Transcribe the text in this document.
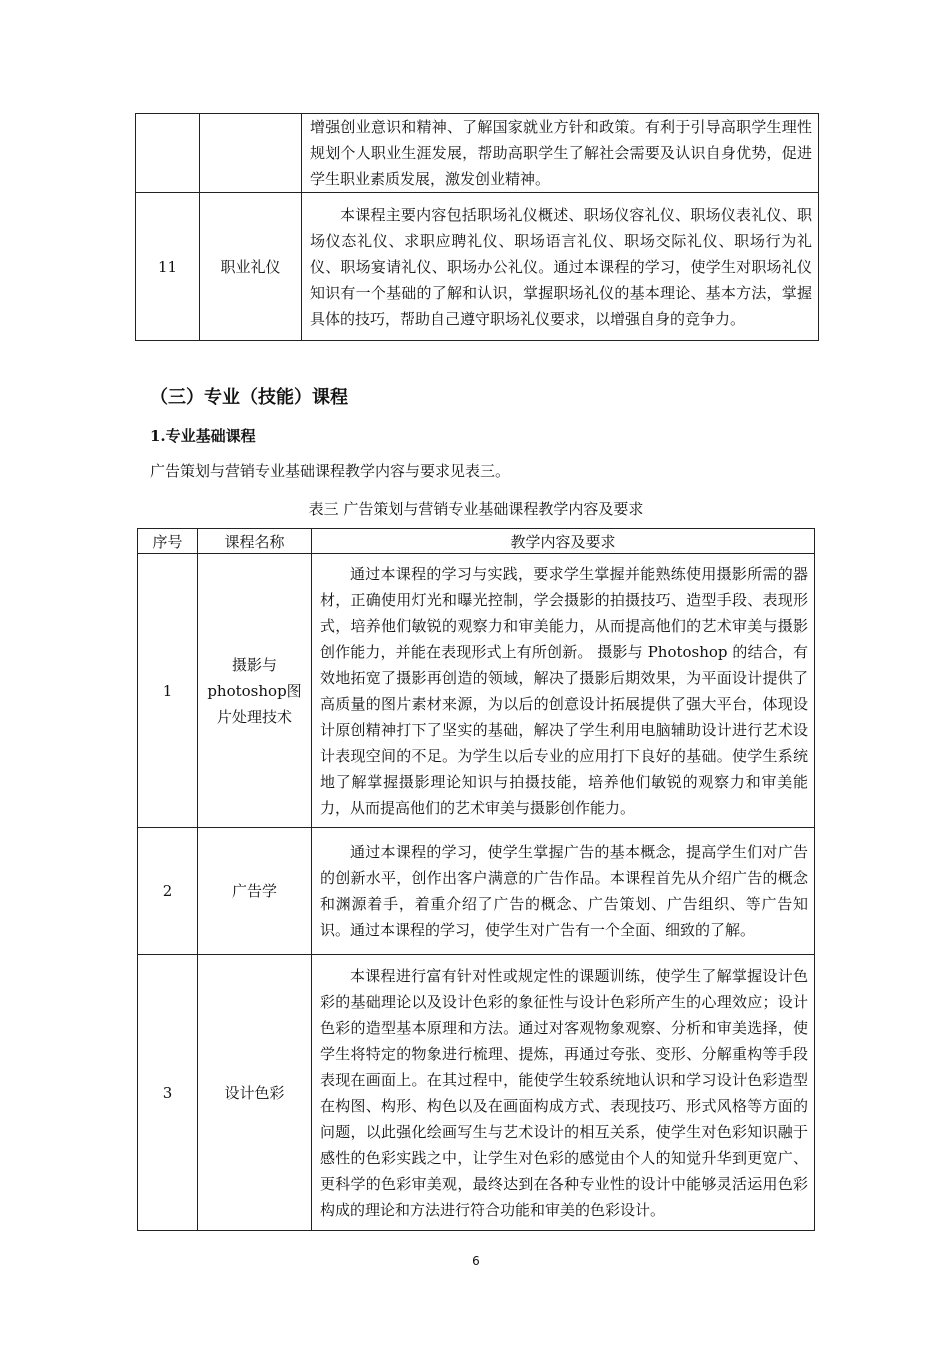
		增强创业意识和精神、了解国家就业方针和政策。有利于引导高职学生理性规划个人职业生涯发展，帮助高职学生了解社会需要及认识自身优势，促进学生职业素质发展，激发创业精神。

11	职业礼仪	本课程主要内容包括职场礼仪概述、职场仪容礼仪、职场仪表礼仪、职场仪态礼仪、求职应聘礼仪、职场语言礼仪、职场交际礼仪、职场行为礼仪、职场宴请礼仪、职场办公礼仪。通过本课程的学习，使学生对职场礼仪知识有一个基础的了解和认识，掌握职场礼仪的基本理论、基本方法，掌握具体的技巧，帮助自己遵守职场礼仪要求，以增强自身的竞争力。

（三）专业（技能）课程
1.专业基础课程

广告策划与营销专业基础课程教学内容与要求见表三。

表三 广告策划与营销专业基础课程教学内容及要求

序号	课程名称	教学内容及要求
1	摄影与photoshop图片处理技术	通过本课程的学习与实践，要求学生掌握并能熟练使用摄影所需的器材，正确使用灯光和曝光控制，学会摄影的拍摄技巧、造型手段、表现形式，培养他们敏锐的观察力和审美能力，从而提高他们的艺术审美与摄影创作能力，并能在表现形式上有所创新。 摄影与 Photoshop 的结合，有效地拓宽了摄影再创造的领域，解决了摄影后期效果，为平面设计提供了高质量的图片素材来源，为以后的创意设计拓展提供了强大平台，体现设计原创精神打下了坚实的基础，解决了学生利用电脑辅助设计进行艺术设计表现空间的不足。为学生以后专业的应用打下良好的基础。使学生系统地了解掌握摄影理论知识与拍摄技能，培养他们敏锐的观察力和审美能力，从而提高他们的艺术审美与摄影创作能力。

2	广告学	通过本课程的学习，使学生掌握广告的基本概念，提高学生们对广告的创新水平，创作出客户满意的广告作品。本课程首先从介绍广告的概念和渊源着手，着重介绍了广告的概念、广告策划、广告组织、等广告知识。通过本课程的学习，使学生对广告有一个全面、细致的了解。

3	设计色彩	本课程进行富有针对性或规定性的课题训练，使学生了解掌握设计色彩的基础理论以及设计色彩的象征性与设计色彩所产生的心理效应；设计色彩的造型基本原理和方法。通过对客观物象观察、分析和审美选择，使学生将特定的物象进行梳理、提炼，再通过夸张、变形、分解重构等手段表现在画面上。在其过程中，能使学生较系统地认识和学习设计色彩造型在构图、构形、构色以及在画面构成方式、表现技巧、形式风格等方面的问题，以此强化绘画写生与艺术设计的相互关系，使学生对色彩知识融于感性的色彩实践之中，让学生对色彩的感觉由个人的知觉升华到更宽广、更科学的色彩审美观，最终达到在各种专业性的设计中能够灵活运用色彩构成的理论和方法进行符合功能和审美的色彩设计。

6
